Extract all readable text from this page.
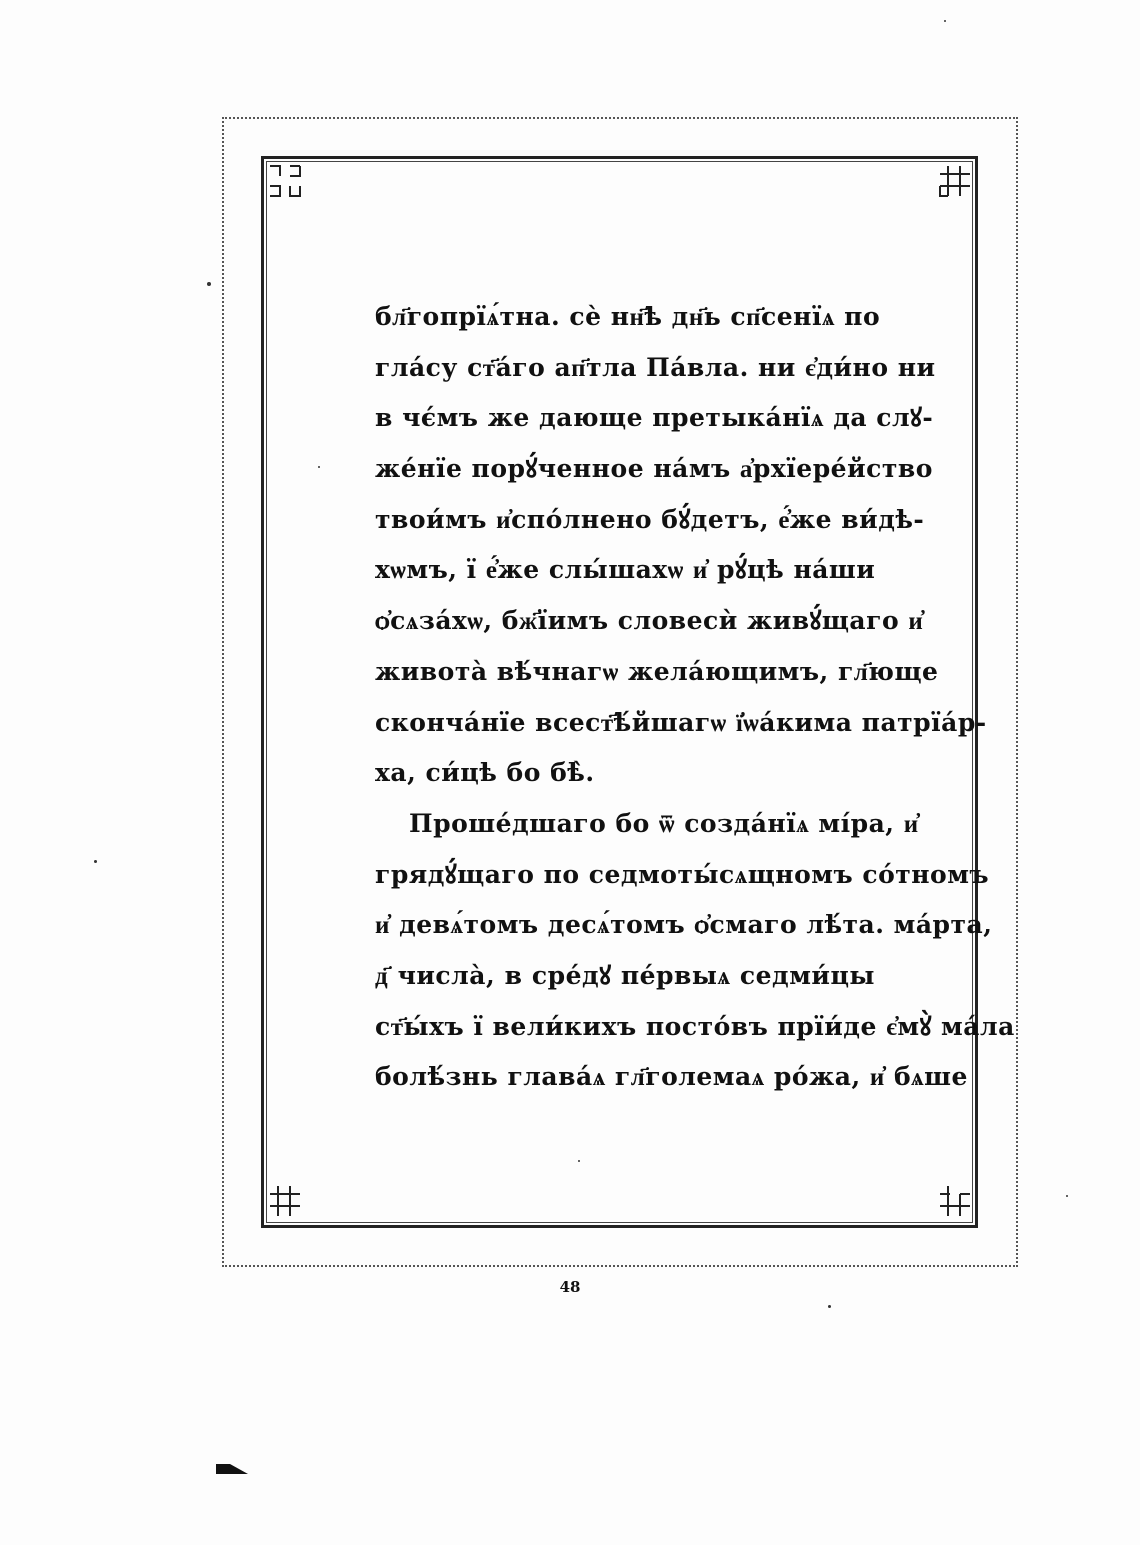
бл҃гопрїѧ́тна. сѐ нн҃ѣ дн҃ь сп҃сенїѧ по
гла́су ст҃а́го ап҃тла Па́вла. ни є҆ди́но ни
в чє́мъ же дающе претыка́нїѧ да слꙋ-
же́нїе порꙋ́ченное на́мъ а҆рхїере́йство
твои́мъ и҆спо́лнено бꙋ́детъ, е҆́же ви́дѣ-
хѡмъ, ї е҆́же слы́шахѡ и҆ рꙋ́цѣ на́ши
ѻ҆сѧза́хѡ, бж҃їимъ словесѝ живꙋ́щаго и҆
живота̀ вѣ́чнагѡ жела́ющимъ, гл҃юще
сконча́нїе всест҃ѣ́йшагѡ ї҆ѡа́кима патрїа́р-
ха, си́цѣ бо бѣ̀.
Проше́дшаго бо ѿ созда́нїѧ мі́ра, и҆
грядꙋ́щаго по седмоты́сѧщномъ со́тномъ
и҆ девѧ́томъ десѧ́томъ ѻ҆смаго лѣ́та. ма́рта,
д҃ числа̀, в сре́дꙋ пе́рвыѧ седми́цы
ст҃ы́хъ ї вели́кихъ посто́въ прїи́де є҆мꙋ̀ ма́ла
болѣ́знь глава́ѧ гл҃големаѧ ро́жа, и҆ бѧше
48
